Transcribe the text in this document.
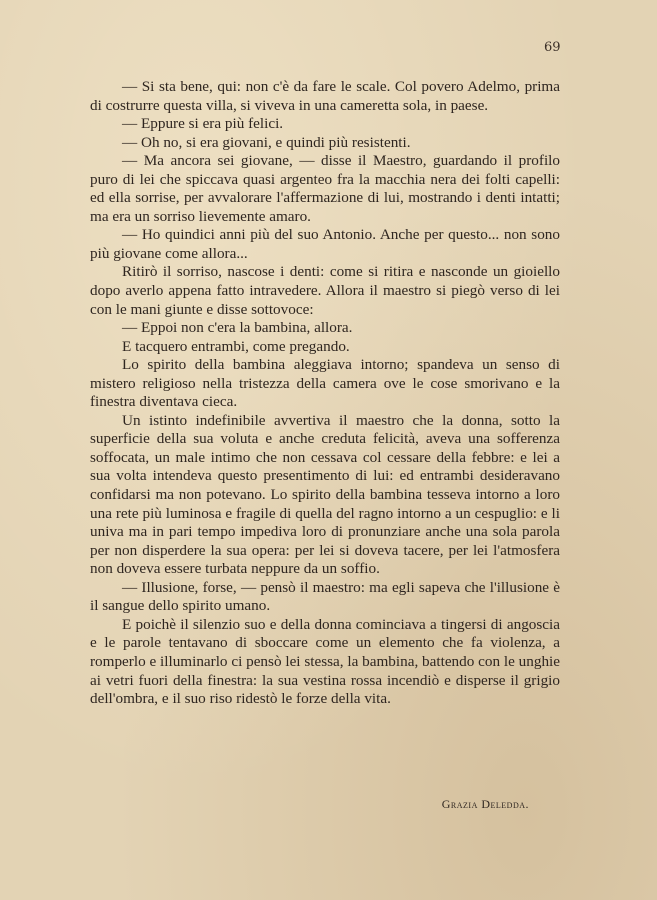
69

— Si sta bene, qui: non c'è da fare le scale. Col povero Adelmo, prima di costrurre questa villa, si viveva in una cameretta sola, in paese.

— Eppure si era più felici.

— Oh no, si era giovani, e quindi più resistenti.

— Ma ancora sei giovane, — disse il Maestro, guardando il profilo puro di lei che spiccava quasi argenteo fra la macchia nera dei folti capelli: ed ella sorrise, per avvalorare l'affermazione di lui, mostrando i denti intatti; ma era un sorriso lievemente amaro.

— Ho quindici anni più del suo Antonio. Anche per questo... non sono più giovane come allora...

Ritirò il sorriso, nascose i denti: come si ritira e nasconde un gioiello dopo averlo appena fatto intravedere. Allora il maestro si piegò verso di lei con le mani giunte e disse sottovoce:

— Eppoi non c'era la bambina, allora.

E tacquero entrambi, come pregando.

Lo spirito della bambina aleggiava intorno; spandeva un senso di mistero religioso nella tristezza della camera ove le cose smorivano e la finestra diventava cieca.

Un istinto indefinibile avvertiva il maestro che la donna, sotto la superficie della sua voluta e anche creduta felicità, aveva una sofferenza soffocata, un male intimo che non cessava col cessare della febbre: e lei a sua volta intendeva questo presentimento di lui: ed entrambi desideravano confidarsi ma non potevano. Lo spirito della bambina tesseva intorno a loro una rete più luminosa e fragile di quella del ragno intorno a un cespuglio: e li univa ma in pari tempo impediva loro di pronunziare anche una sola parola per non disperdere la sua opera: per lei si doveva tacere, per lei l'atmosfera non doveva essere turbata neppure da un soffio.

— Illusione, forse, — pensò il maestro: ma egli sapeva che l'illusione è il sangue dello spirito umano.

E poichè il silenzio suo e della donna cominciava a tingersi di angoscia e le parole tentavano di sboccare come un elemento che fa violenza, a romperlo e illuminarlo ci pensò lei stessa, la bambina, battendo con le unghie ai vetri fuori della finestra: la sua vestina rossa incendiò e disperse il grigio dell'ombra, e il suo riso ridestò le forze della vita.

Grazia Deledda.
